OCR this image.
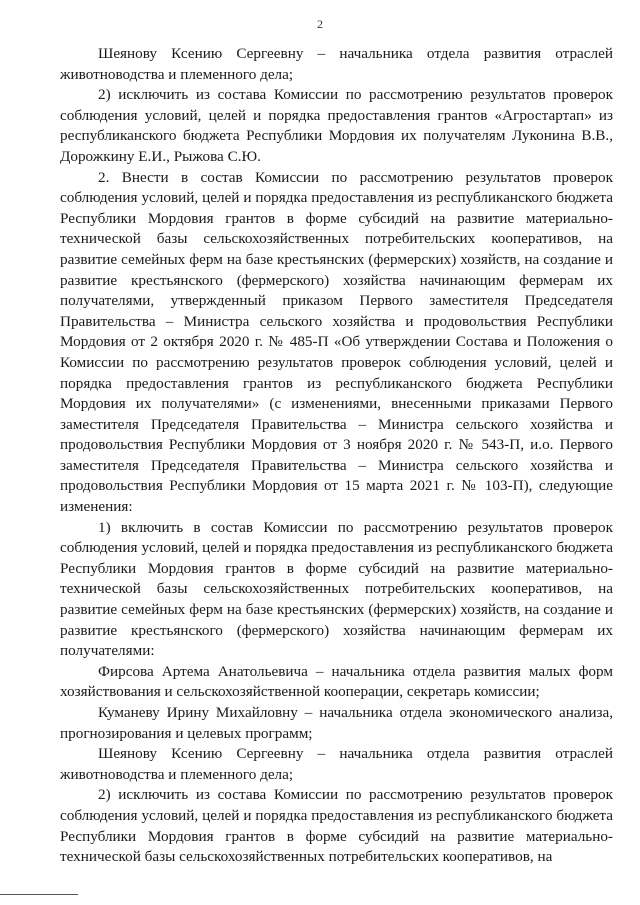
2

Шеянову Ксению Сергеевну – начальника отдела развития отраслей животноводства и племенного дела;

2) исключить из состава Комиссии по рассмотрению результатов проверок соблюдения условий, целей и порядка предоставления грантов «Агростартап» из республиканского бюджета Республики Мордовия их получателям Луконина В.В., Дорожкину Е.И., Рыжова С.Ю.

2. Внести в состав Комиссии по рассмотрению результатов проверок соблюдения условий, целей и порядка предоставления из республиканского бюджета Республики Мордовия грантов в форме субсидий на развитие материально-технической базы сельскохозяйственных потребительских кооперативов, на развитие семейных ферм на базе крестьянских (фермерских) хозяйств, на создание и развитие крестьянского (фермерского) хозяйства начинающим фермерам их получателями, утвержденный приказом Первого заместителя Председателя Правительства – Министра сельского хозяйства и продовольствия Республики Мордовия от 2 октября 2020 г. № 485-П «Об утверждении Состава и Положения о Комиссии по рассмотрению результатов проверок соблюдения условий, целей и порядка предоставления грантов из республиканского бюджета Республики Мордовия их получателями» (с изменениями, внесенными приказами Первого заместителя Председателя Правительства – Министра сельского хозяйства и продовольствия Республики Мордовия от 3 ноября 2020 г. № 543-П, и.о. Первого заместителя Председателя Правительства – Министра сельского хозяйства и продовольствия Республики Мордовия от 15 марта 2021 г. № 103-П), следующие изменения:

1) включить в состав Комиссии по рассмотрению результатов проверок соблюдения условий, целей и порядка предоставления из республиканского бюджета Республики Мордовия грантов в форме субсидий на развитие материально-технической базы сельскохозяйственных потребительских кооперативов, на развитие семейных ферм на базе крестьянских (фермерских) хозяйств, на создание и развитие крестьянского (фермерского) хозяйства начинающим фермерам их получателями:

Фирсова Артема Анатольевича – начальника отдела развития малых форм хозяйствования и сельскохозяйственной кооперации, секретарь комиссии;

Куманеву Ирину Михайловну – начальника отдела экономического анализа, прогнозирования и целевых программ;

Шеянову Ксению Сергеевну – начальника отдела развития отраслей животноводства и племенного дела;

2) исключить из состава Комиссии по рассмотрению результатов проверок соблюдения условий, целей и порядка предоставления из республиканского бюджета Республики Мордовия грантов в форме субсидий на развитие материально-технической базы сельскохозяйственных потребительских кооперативов, на
